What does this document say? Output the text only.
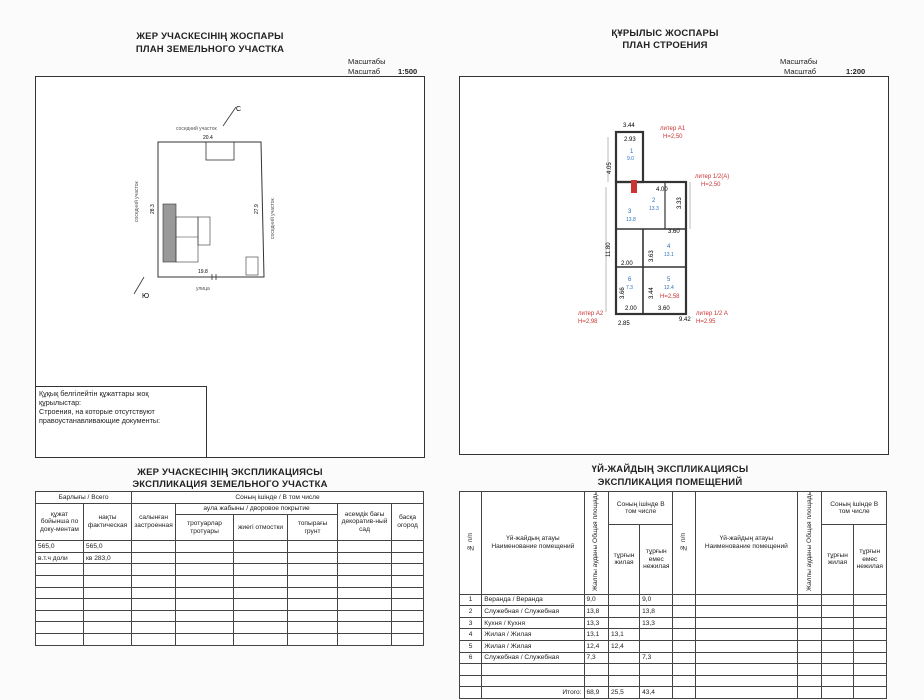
ЖЕР УЧАСКЕСІНІҢ ЖОСПАРЫ
ПЛАН ЗЕМЕЛЬНОГО УЧАСТКА
Масштабы
Масштаб 1:500
С
Ю
соседний участок
20.4
соседний участок 28.3	соседний участок
27.9
19.8
улица
Құқық белгілейтін құжаттары жоқ
құрылыстар:
Строения, на которые отсутствуют
правоустанавливающие документы:
ЖЕР УЧАСКЕСІНІҢ ЭКСПЛИКАЦИЯСЫ
ЭКСПЛИКАЦИЯ ЗЕМЕЛЬНОГО УЧАСТКА
Барлығы / Всего		Соның ішінде / В том числе					
құжат бойынша по доку-ментам	нақты фактическая	салынған застроенная	аула жабыны / дворовое покрытие			әсемдік бағы декоратив-ный сад	басқа огород
			тротуарлар тротуары	жиегі отмостки	топырағы грунт		
565,0	565,0						
в.т.ч доли	кв 283,0						

ҚҰРЫЛЫС ЖОСПАРЫ
ПЛАН СТРОЕНИЯ
Масштабы
Масштаб	1:200
3.44
2.93
4.05
4.00
3.33
11.80
3.60
3.63
2.00
3.66	3.44
2.00	3.60
2.85
9.42
литер А1
Н=2,50
литер 1/2(А)
Н=2,50
литер А2
Н=2,98
литер 1/2 А
Н=2,95
Н=2,58
1
9.0
2
13.3
4
13.1
5
12.4
6
7.3
3
13.8
ҮЙ-ЖАЙДЫҢ ЭКСПЛИКАЦИЯСЫ
ЭКСПЛИКАЦИЯ ПОМЕЩЕНИЙ
№ п/п	Үй-жайдың атауы Наименование помещений	Жалпы ауданы Общая площадь	Соның ішінде В том числе		№ п/п	Үй-жайдың атауы Наименование помещений	Жалпы ауданы Общая площадь	Соның ішінде В том числе	
			тұрғын жилая	тұрғын емес нежилая				тұрғын жилая	тұрғын емес нежилая
1	Веранда / Веранда	9,0		9,0					
2	Служебная / Служебная	13,8		13,8					
3	Кухня / Кухня	13,3		13,3					
4	Жилая / Жилая	13,1	13,1						
5	Жилая / Жилая	12,4	12,4						
6	Служебная / Служебная	7,3		7,3					

	Итого:	68,9	25,5	43,4					
